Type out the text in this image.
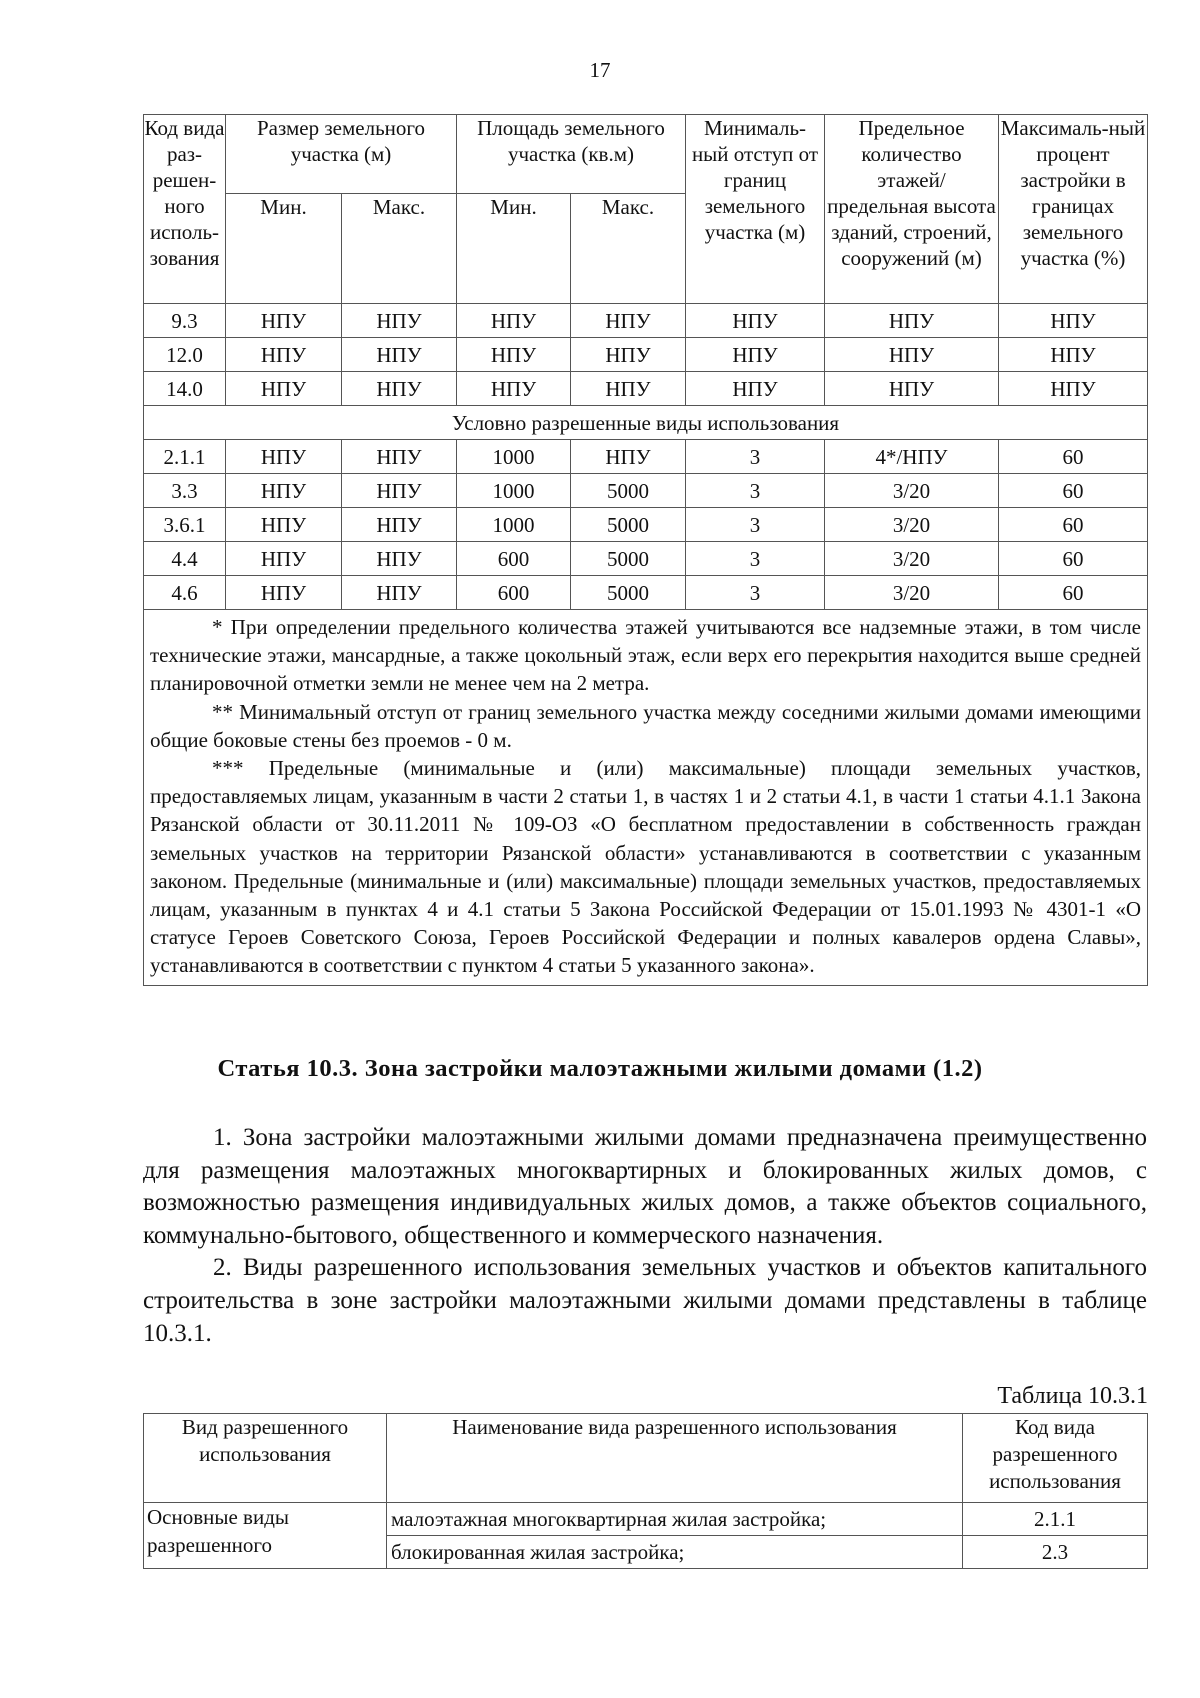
17
Код вида раз-решен-ного исполь-зования	Размер земельного участка (м)		Площадь земельного участка (кв.м)		Минималь-ный отступ от границ земельного участка (м)	Предельное количество этажей/ предельная высота зданий, строений, сооружений (м)	Максималь-ный процент застройки в границах земельного участка (%)
	Мин.	Макс.	Мин.	Макс.			
9.3	НПУ	НПУ	НПУ	НПУ	НПУ	НПУ	НПУ
12.0	НПУ	НПУ	НПУ	НПУ	НПУ	НПУ	НПУ
14.0	НПУ	НПУ	НПУ	НПУ	НПУ	НПУ	НПУ
Условно разрешенные виды использования							
2.1.1	НПУ	НПУ	1000	НПУ	3	4*/НПУ	60
3.3	НПУ	НПУ	1000	5000	3	3/20	60
3.6.1	НПУ	НПУ	1000	5000	3	3/20	60
4.4	НПУ	НПУ	600	5000	3	3/20	60
4.6	НПУ	НПУ	600	5000	3	3/20	60

* При определении предельного количества этажей учитываются все надземные этажи, в том числе технические этажи, мансардные, а также цокольный этаж, если верх его перекрытия находится выше средней планировочной отметки земли не менее чем на 2 метра.
** Минимальный отступ от границ земельного участка между соседними жилыми домами имеющими общие боковые стены без проемов - 0 м.
*** Предельные (минимальные и (или) максимальные) площади земельных участков, предоставляемых лицам, указанным в части 2 статьи 1, в частях 1 и 2 статьи 4.1, в части 1 статьи 4.1.1 Закона Рязанской области от 30.11.2011 № 109-ОЗ «О бесплатном предоставлении в собственность граждан земельных участков на территории Рязанской области» устанавливаются в соответствии с указанным законом. Предельные (минимальные и (или) максимальные) площади земельных участков, предоставляемых лицам, указанным в пунктах 4 и 4.1 статьи 5 Закона Российской Федерации от 15.01.1993 № 4301-1 «О статусе Героев Советского Союза, Героев Российской Федерации и полных кавалеров ордена Славы», устанавливаются в соответствии с пунктом 4 статьи 5 указанного закона».							
Статья 10.3. Зона застройки малоэтажными жилыми домами (1.2)

1. Зона застройки малоэтажными жилыми домами предназначена преимущественно для размещения малоэтажных многоквартирных и блокированных жилых домов, с возможностью размещения индивидуальных жилых домов, а также объектов социального, коммунально-бытового, общественного и коммерческого назначения.

2. Виды разрешенного использования земельных участков и объектов капитального строительства в зоне застройки малоэтажными жилыми домами представлены в таблице 10.3.1.

Таблица 10.3.1
Вид разрешенного использования	Наименование вида разрешенного использования	Код вида разрешенного использования
Основные виды разрешенного	малоэтажная многоквартирная жилая застройка;	2.1.1
	блокированная жилая застройка;	2.3
